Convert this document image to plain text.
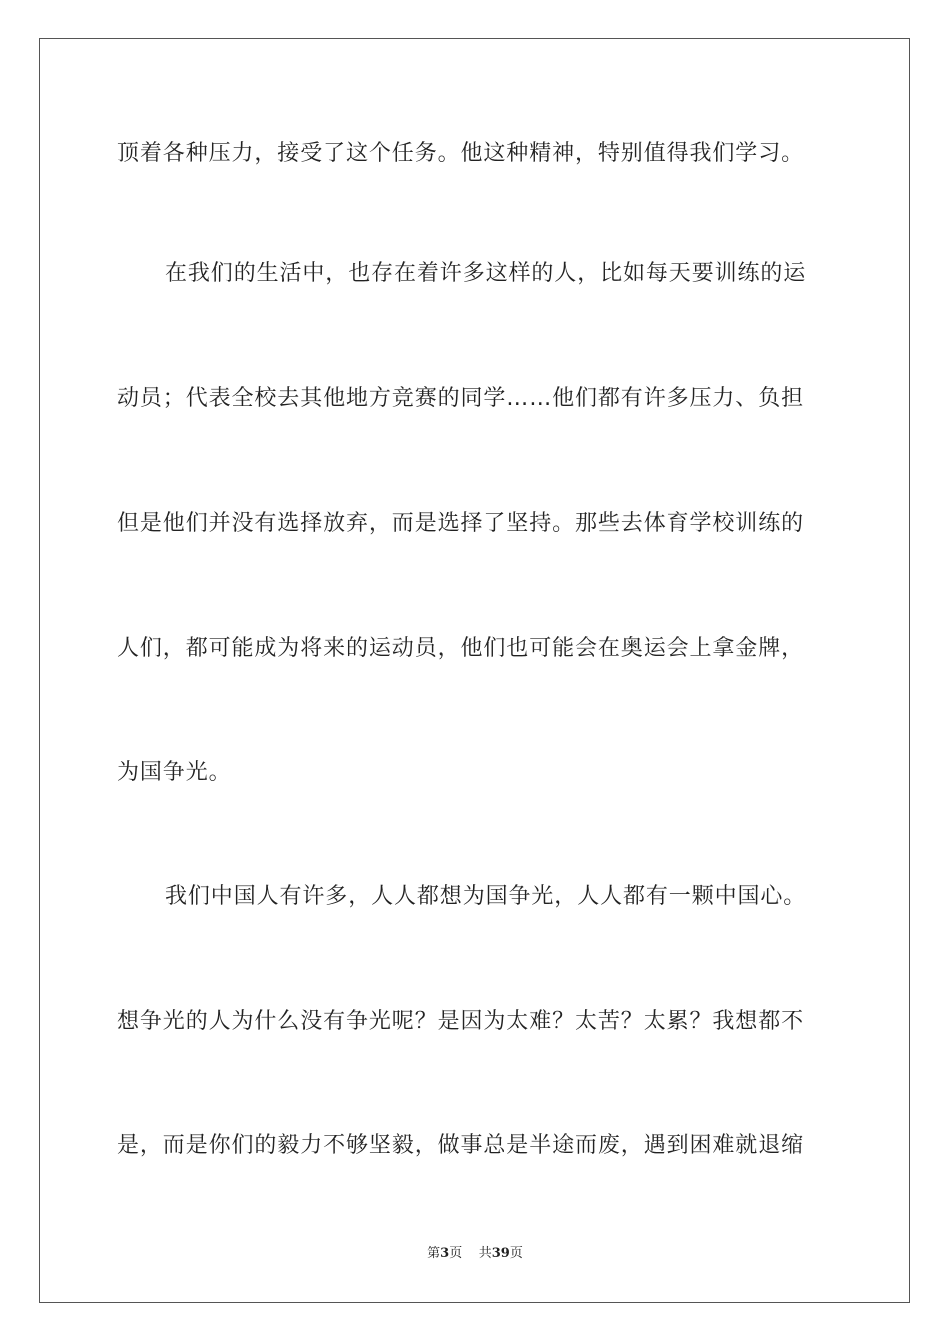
顶着各种压力，接受了这个任务。他这种精神，特别值得我们学习。
在我们的生活中，也存在着许多这样的人，比如每天要训练的运
动员；代表全校去其他地方竞赛的同学……他们都有许多压力、负担
但是他们并没有选择放弃，而是选择了坚持。那些去体育学校训练的
人们，都可能成为将来的运动员，他们也可能会在奥运会上拿金牌，
为国争光。
我们中国人有许多，人人都想为国争光，人人都有一颗中国心。
想争光的人为什么没有争光呢？是因为太难？太苦？太累？我想都不
是，而是你们的毅力不够坚毅，做事总是半途而废，遇到困难就退缩
第3页 共39页
